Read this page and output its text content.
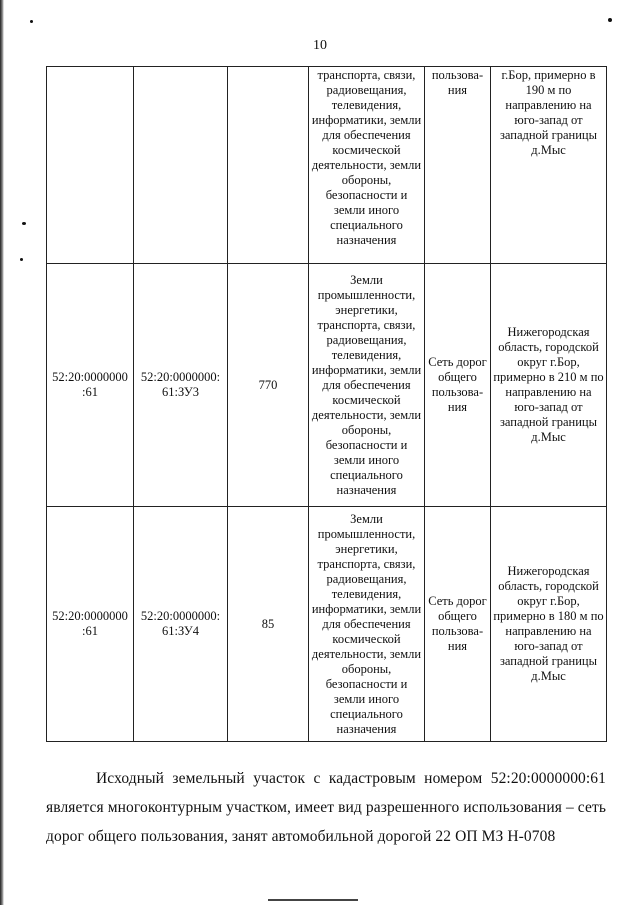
10
			транспорта, связи, радиовещания, телевидения, информатики, земли для обеспечения космической деятельности, земли обороны, безопасности и земли иного специального назначения	пользова-ния	г.Бор, примерно в 190 м по направлению на юго-запад от западной границы д.Мыс
52:20:0000000 :61	52:20:0000000: 61:ЗУ3	770	Земли промышленности, энергетики, транспорта, связи, радиовещания, телевидения, информатики, земли для обеспечения космической деятельности, земли обороны, безопасности и земли иного специального назначения	Сеть дорог общего пользова-ния	Нижегородская область, городской округ г.Бор, примерно в 210 м по направлению на юго-запад от западной границы д.Мыс
52:20:0000000 :61	52:20:0000000: 61:ЗУ4	85	Земли промышленности, энергетики, транспорта, связи, радиовещания, телевидения, информатики, земли для обеспечения космической деятельности, земли обороны, безопасности и земли иного специального назначения	Сеть дорог общего пользова-ния	Нижегородская область, городской округ г.Бор, примерно в 180 м по направлению на юго-запад от западной границы д.Мыс

Исходный земельный участок с кадастровым номером 52:20:0000000:61 является многоконтурным участком, имеет вид разрешенного использования – сеть дорог общего пользования, занят автомобильной дорогой 22 ОП МЗ Н-0708
